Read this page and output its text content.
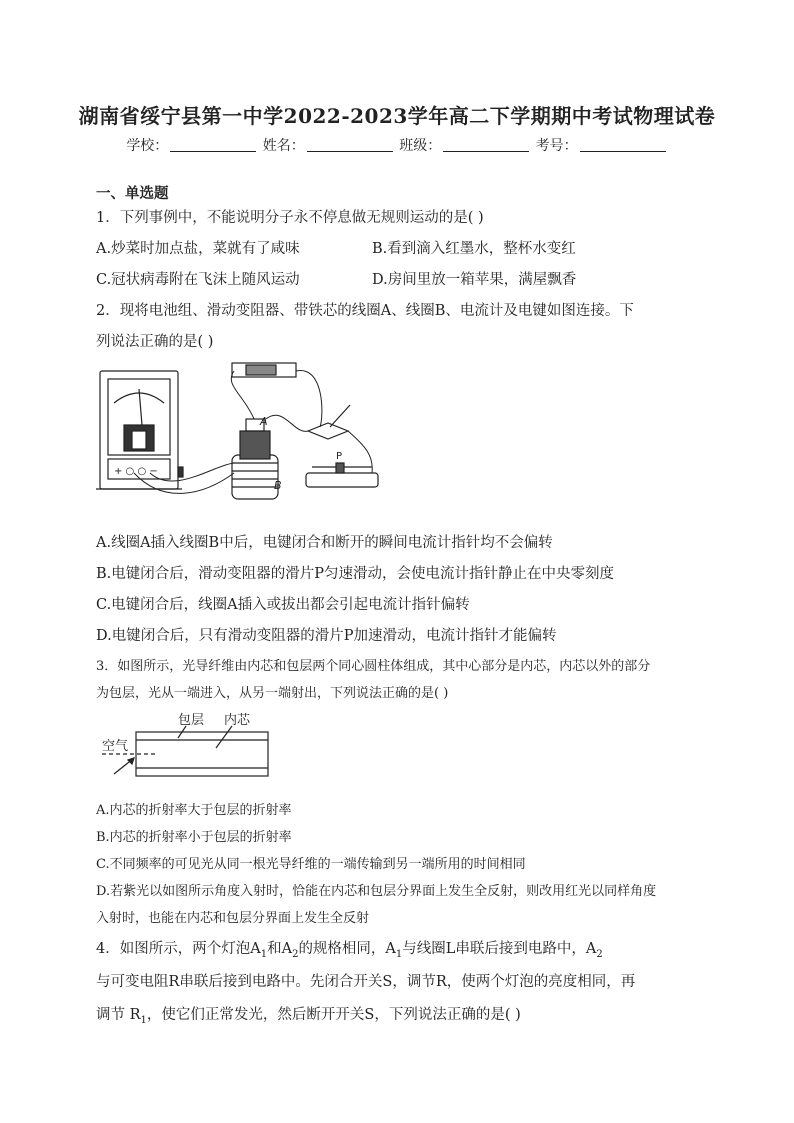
湖南省绥宁县第一中学2022-2023学年高二下学期期中考试物理试卷
学校：	姓名：	班级：	考号：
一、单选题
1．下列事例中，不能说明分子永不停息做无规则运动的是( )
A.炒菜时加点盐，菜就有了咸味	B.看到滴入红墨水，整杯水变红
C.冠状病毒附在飞沫上随风运动	D.房间里放一箱苹果，满屋飘香
2．现将电池组、滑动变阻器、带铁芯的线圈A、线圈B、电流计及电键如图连接。下
列说法正确的是( )
+ ○ ○ −
A
B
P
A.线圈A插入线圈B中后，电键闭合和断开的瞬间电流计指针均不会偏转
B.电键闭合后，滑动变阻器的滑片P匀速滑动，会使电流计指针静止在中央零刻度
C.电键闭合后，线圈A插入或拔出都会引起电流计指针偏转
D.电键闭合后，只有滑动变阻器的滑片P加速滑动，电流计指针才能偏转
3．如图所示，光导纤维由内芯和包层两个同心圆柱体组成，其中心部分是内芯，内芯以外的部分
为包层，光从一端进入，从另一端射出，下列说法正确的是( )
包层 内芯
空气
A.内芯的折射率大于包层的折射率
B.内芯的折射率小于包层的折射率
C.不同频率的可见光从同一根光导纤维的一端传输到另一端所用的时间相同
D.若紫光以如图所示角度入射时，恰能在内芯和包层分界面上发生全反射，则改用红光以同样角度
入射时，也能在内芯和包层分界面上发生全反射
4．如图所示，两个灯泡$A_1$和$A_2$的规格相同，$A_1$与线圈L串联后接到电路中，$A_2$
与可变电阻R串联后接到电路中。先闭合开关S，调节R，使两个灯泡的亮度相同，再
调节 $R_1$，使它们正常发光，然后断开开关S，下列说法正确的是( )
